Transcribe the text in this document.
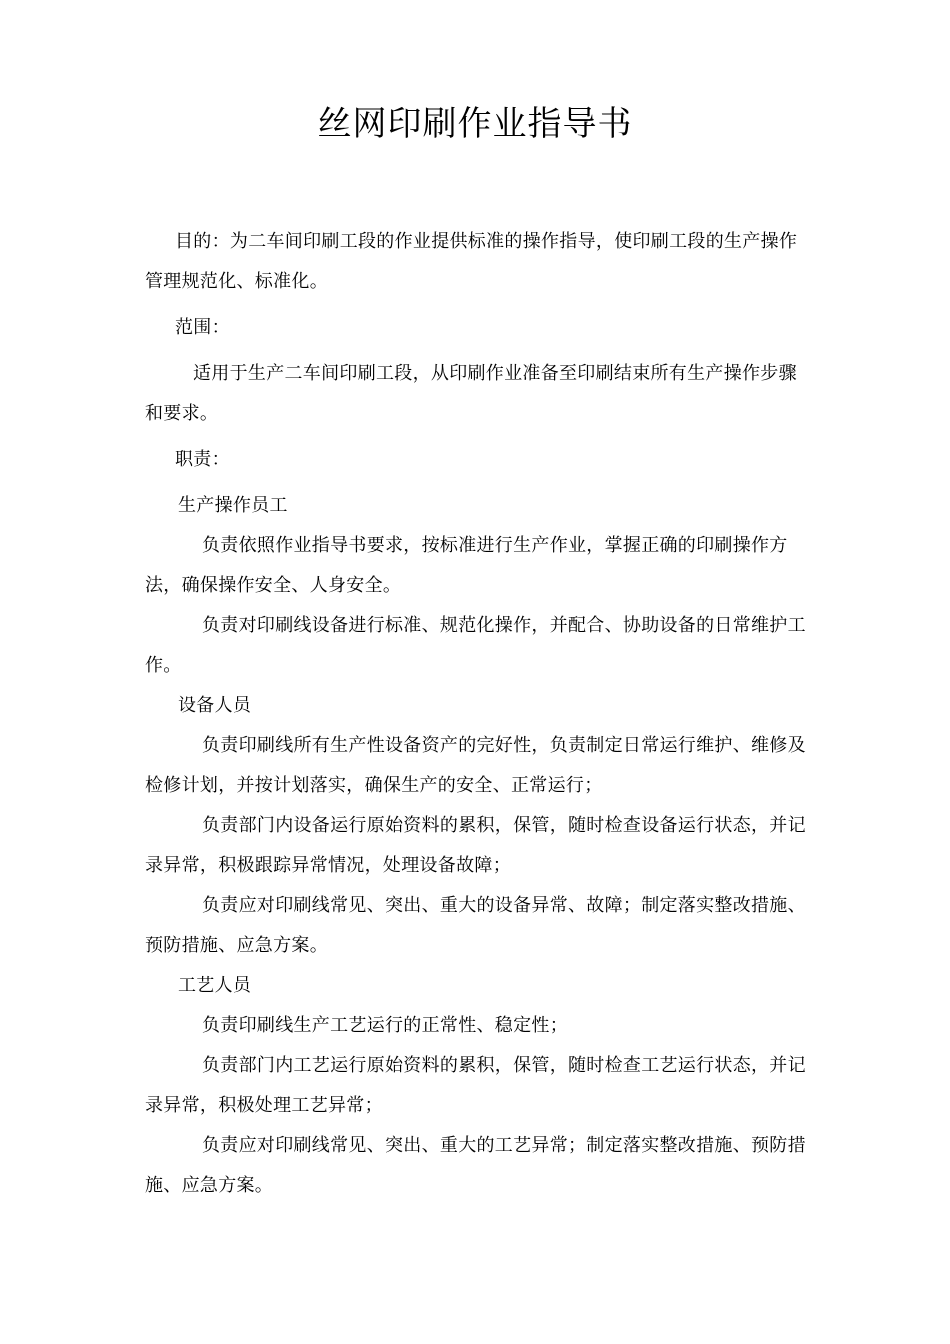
丝网印刷作业指导书

目的：为二车间印刷工段的作业提供标准的操作指导，使印刷工段的生产操作管理规范化、标准化。

范围：

适用于生产二车间印刷工段，从印刷作业准备至印刷结束所有生产操作步骤和要求。

职责：

生产操作员工

负责依照作业指导书要求，按标准进行生产作业，掌握正确的印刷操作方法，确保操作安全、人身安全。

负责对印刷线设备进行标准、规范化操作，并配合、协助设备的日常维护工作。

设备人员

负责印刷线所有生产性设备资产的完好性，负责制定日常运行维护、维修及检修计划，并按计划落实，确保生产的安全、正常运行；

负责部门内设备运行原始资料的累积，保管，随时检查设备运行状态，并记录异常，积极跟踪异常情况，处理设备故障；

负责应对印刷线常见、突出、重大的设备异常、故障；制定落实整改措施、预防措施、应急方案。

工艺人员

负责印刷线生产工艺运行的正常性、稳定性；

负责部门内工艺运行原始资料的累积，保管，随时检查工艺运行状态，并记录异常，积极处理工艺异常；

负责应对印刷线常见、突出、重大的工艺异常；制定落实整改措施、预防措施、应急方案。
